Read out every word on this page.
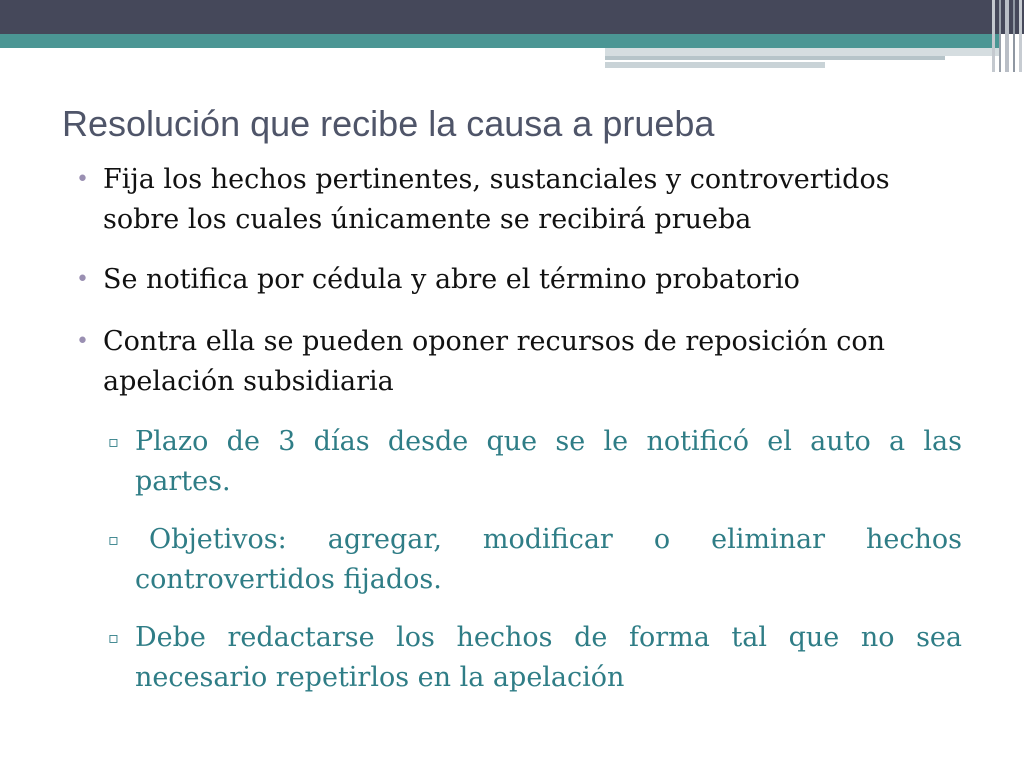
Resolución que recibe la causa a prueba
• Fija los hechos pertinentes, sustanciales y controvertidos
sobre los cuales únicamente se recibirá prueba
• Se notifica por cédula y abre el término probatorio
• Contra ella se pueden oponer recursos de reposición con
apelación subsidiaria
▫ Plazo de 3 días desde que se le notificó el auto a las
partes.
▫	Objetivos: agregar, modificar o eliminar hechos
controvertidos fijados.
▫ Debe redactarse los hechos de forma tal que no sea
necesario repetirlos en la apelación
